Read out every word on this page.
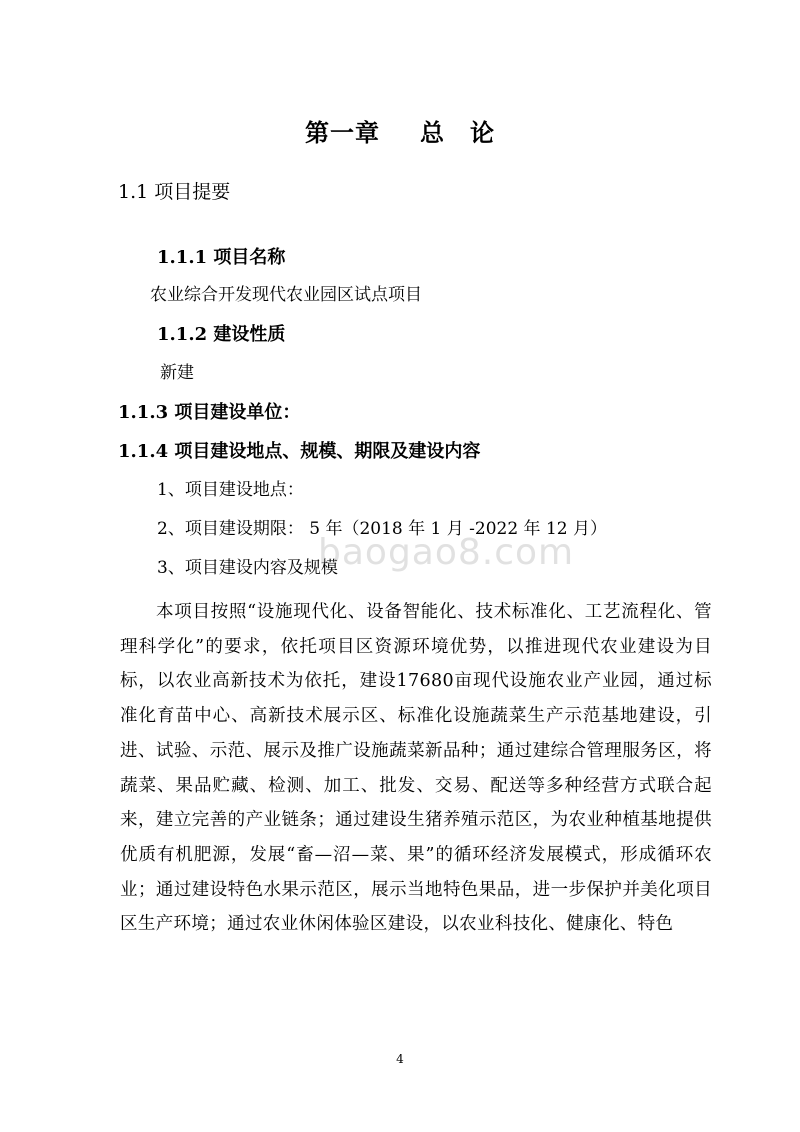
第一章 总　论
1.1 项目提要
1.1.1 项目名称
农业综合开发现代农业园区试点项目
1.1.2 建设性质
新建
1.1.3 项目建设单位：
1.1.4 项目建设地点、规模、期限及建设内容
1、项目建设地点：
2、项目建设期限： 5 年（2018 年 1 月 -2022 年 12 月）
3、项目建设内容及规模
本项目按照“设施现代化、设备智能化、技术标准化、工艺流程化、管理科学化”的要求，依托项目区资源环境优势，以推进现代农业建设为目标，以农业高新技术为依托，建设17680亩现代设施农业产业园，通过标准化育苗中心、高新技术展示区、标准化设施蔬菜生产示范基地建设，引进、试验、示范、展示及推广设施蔬菜新品种；通过建综合管理服务区，将蔬菜、果品贮藏、检测、加工、批发、交易、配送等多种经营方式联合起来，建立完善的产业链条；通过建设生猪养殖示范区，为农业种植基地提供优质有机肥源，发展“畜—沼—菜、果”的循环经济发展模式，形成循环农业；通过建设特色水果示范区，展示当地特色果品，进一步保护并美化项目区生产环境；通过农业休闲体验区建设，以农业科技化、健康化、特色
baogao8.com
4
